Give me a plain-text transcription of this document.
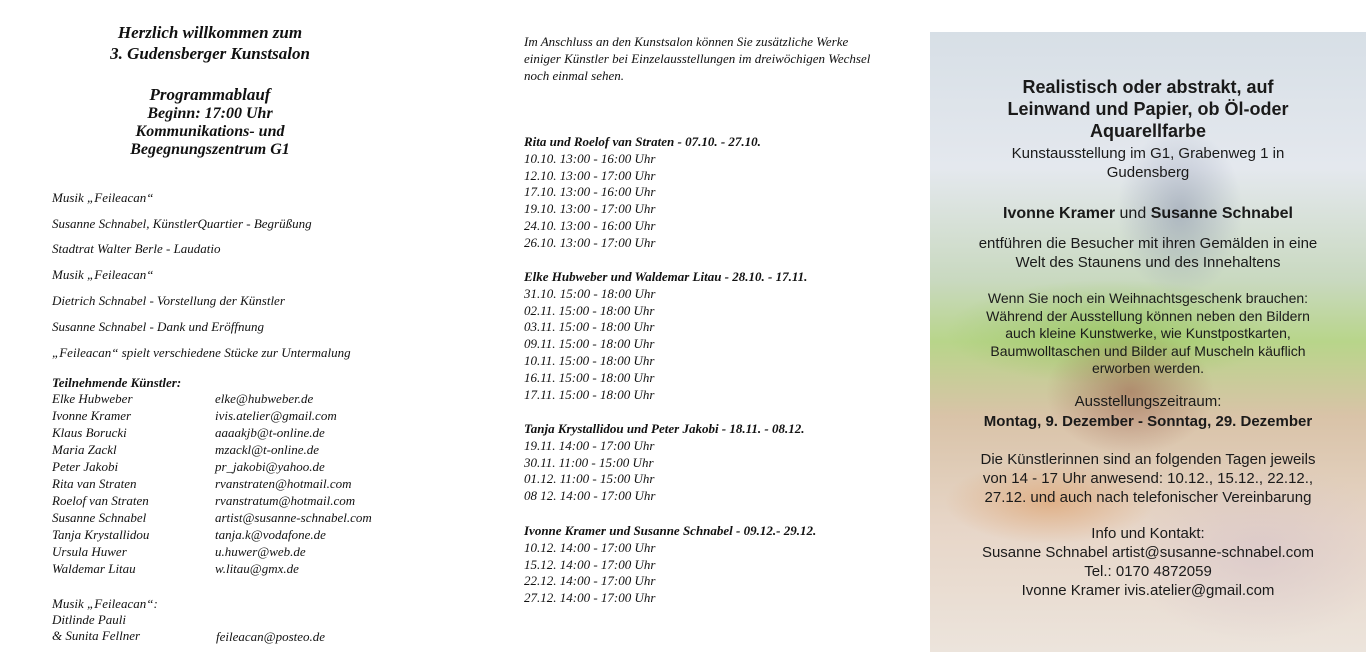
Herzlich willkommen zum
3. Gudensberger Kunstsalon
Programmablauf
Beginn: 17:00 Uhr
Kommunikations- und
Begegnungszentrum G1
Musik „Feileacan“
Susanne Schnabel, KünstlerQuartier - Begrüßung
Stadtrat Walter Berle - Laudatio
Musik „Feileacan“
Dietrich Schnabel - Vorstellung der Künstler
Susanne Schnabel - Dank und Eröffnung
„Feileacan“ spielt verschiedene Stücke zur Untermalung
Teilnehmende Künstler:
Elke Hubweber	elke@hubweber.de
Ivonne Kramer	ivis.atelier@gmail.com
Klaus Borucki	aaaakjb@t-online.de
Maria Zackl	mzackl@t-online.de
Peter Jakobi	pr_jakobi@yahoo.de
Rita van Straten	rvanstraten@hotmail.com
Roelof van Straten	rvanstratum@hotmail.com
Susanne Schnabel	artist@susanne-schnabel.com
Tanja Krystallidou	tanja.k@vodafone.de
Ursula Huwer	u.huwer@web.de
Waldemar Litau	w.litau@gmx.de
Musik „Feileacan“:
Ditlinde Pauli
& Sunita Fellner	feileacan@posteo.de
Im Anschluss an den Kunstsalon können Sie zusätzliche Werke einiger Künstler bei Einzelausstellungen im dreiwöchigen Wechsel noch einmal sehen.
Rita und Roelof van Straten - 07.10. - 27.10.
10.10. 13:00 - 16:00 Uhr
12.10. 13:00 - 17:00 Uhr
17.10. 13:00 - 16:00 Uhr
19.10. 13:00 - 17:00 Uhr
24.10. 13:00 - 16:00 Uhr
26.10. 13:00 - 17:00 Uhr
Elke Hubweber und Waldemar Litau - 28.10. - 17.11.
31.10. 15:00 - 18:00 Uhr
02.11. 15:00 - 18:00 Uhr
03.11. 15:00 - 18:00 Uhr
09.11. 15:00 - 18:00 Uhr
10.11. 15:00 - 18:00 Uhr
16.11. 15:00 - 18:00 Uhr
17.11. 15:00 - 18:00 Uhr
Tanja Krystallidou und Peter Jakobi - 18.11. - 08.12.
19.11. 14:00 - 17:00 Uhr
30.11. 11:00 - 15:00 Uhr
01.12. 11:00 - 15:00 Uhr
08 12. 14:00 - 17:00 Uhr
Ivonne Kramer und Susanne Schnabel - 09.12.- 29.12.
10.12. 14:00 - 17:00 Uhr
15.12. 14:00 - 17:00 Uhr
22.12. 14:00 - 17:00 Uhr
27.12. 14:00 - 17:00 Uhr
Realistisch oder abstrakt, auf
Leinwand und Papier, ob Öl-oder
Aquarellfarbe
Kunstausstellung im G1, Grabenweg 1 in
Gudensberg
Ivonne Kramer und Susanne Schnabel
entführen die Besucher mit ihren Gemälden in eine
Welt des Staunens und des Innehaltens
Wenn Sie noch ein Weihnachtsgeschenk brauchen:
Während der Ausstellung können neben den Bildern
auch kleine Kunstwerke, wie Kunstpostkarten,
Baumwolltaschen und Bilder auf Muscheln käuflich
erworben werden.
Ausstellungszeitraum:
Montag, 9. Dezember - Sonntag, 29. Dezember
Die Künstlerinnen sind an folgenden Tagen jeweils
von 14 - 17 Uhr anwesend: 10.12., 15.12., 22.12.,
27.12. und auch nach telefonischer Vereinbarung
Info und Kontakt:
Susanne Schnabel artist@susanne-schnabel.com
Tel.: 0170 4872059
Ivonne Kramer ivis.atelier@gmail.com
